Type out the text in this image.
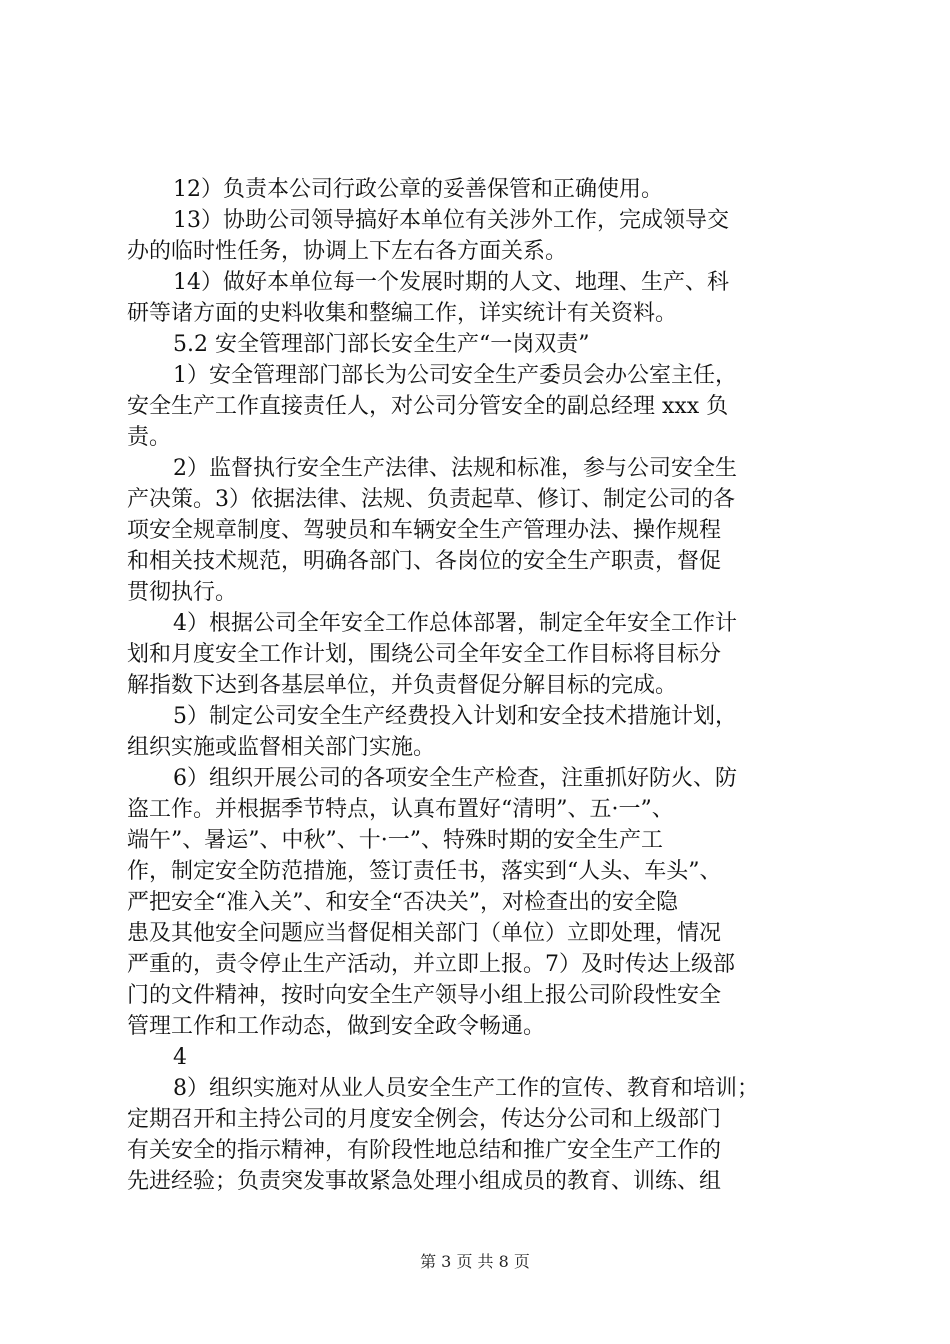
12）负责本公司行政公章的妥善保管和正确使用。
13）协助公司领导搞好本单位有关涉外工作，完成领导交
办的临时性任务，协调上下左右各方面关系。
14）做好本单位每一个发展时期的人文、地理、生产、科
研等诸方面的史料收集和整编工作，详实统计有关资料。
5.2 安全管理部门部长安全生产“一岗双责”
1）安全管理部门部长为公司安全生产委员会办公室主任，
安全生产工作直接责任人，对公司分管安全的副总经理 xxx 负
责。
2）监督执行安全生产法律、法规和标准，参与公司安全生
产决策。3）依据法律、法规、负责起草、修订、制定公司的各
项安全规章制度、驾驶员和车辆安全生产管理办法、操作规程
和相关技术规范，明确各部门、各岗位的安全生产职责，督促
贯彻执行。
4）根据公司全年安全工作总体部署，制定全年安全工作计
划和月度安全工作计划，围绕公司全年安全工作目标将目标分
解指数下达到各基层单位，并负责督促分解目标的完成。
5）制定公司安全生产经费投入计划和安全技术措施计划，
组织实施或监督相关部门实施。
6）组织开展公司的各项安全生产检查，注重抓好防火、防
盗工作。并根据季节特点，认真布置好“清明”、五·一”、
端午”、暑运”、中秋”、十·一”、特殊时期的安全生产工
作，制定安全防范措施，签订责任书，落实到“人头、车头”、
严把安全“准入关”、和安全“否决关”，对检查出的安全隐
患及其他安全问题应当督促相关部门（单位）立即处理，情况
严重的，责令停止生产活动，并立即上报。7）及时传达上级部
门的文件精神，按时向安全生产领导小组上报公司阶段性安全
管理工作和工作动态，做到安全政令畅通。
4
8）组织实施对从业人员安全生产工作的宣传、教育和培训；
定期召开和主持公司的月度安全例会，传达分公司和上级部门
有关安全的指示精神，有阶段性地总结和推广安全生产工作的
先进经验；负责突发事故紧急处理小组成员的教育、训练、组
第 3 页 共 8 页
